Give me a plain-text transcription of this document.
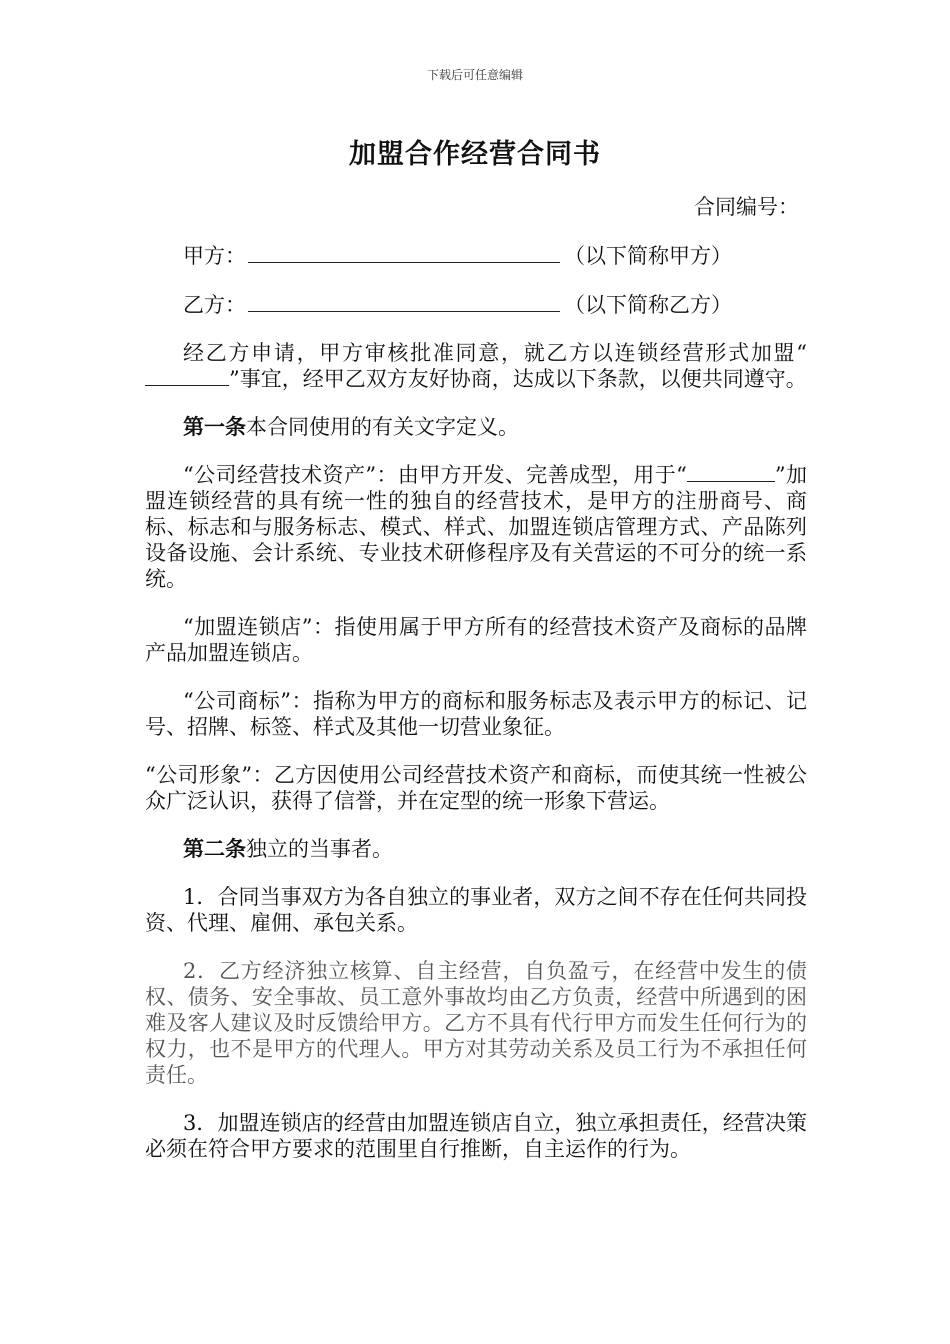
下载后可任意编辑
加盟合作经营合同书
合同编号：
甲方：	（以下简称甲方）
乙方：	（以下简称乙方）

经乙方申请，甲方审核批准同意，就乙方以连锁经营形式加盟“”事宜，经甲乙双方友好协商，达成以下条款，以便共同遵守。

第一条本合同使用的有关文字定义。

“公司经营技术资产”：由甲方开发、完善成型，用于“	”加盟连锁经营的具有统一性的独自的经营技术，是甲方的注册商号、商标、标志和与服务标志、模式、样式、加盟连锁店管理方式、产品陈列设备设施、会计系统、专业技术研修程序及有关营运的不可分的统一系统。

“加盟连锁店”：指使用属于甲方所有的经营技术资产及商标的品牌产品加盟连锁店。

“公司商标”：指称为甲方的商标和服务标志及表示甲方的标记、记号、招牌、标签、样式及其他一切营业象征。

“公司形象”：乙方因使用公司经营技术资产和商标，而使其统一性被公众广泛认识，获得了信誉，并在定型的统一形象下营运。

第二条独立的当事者。

1．合同当事双方为各自独立的事业者，双方之间不存在任何共同投资、代理、雇佣、承包关系。

2．乙方经济独立核算、自主经营，自负盈亏，在经营中发生的债权、债务、安全事故、员工意外事故均由乙方负责，经营中所遇到的困难及客人建议及时反馈给甲方。乙方不具有代行甲方而发生任何行为的权力，也不是甲方的代理人。甲方对其劳动关系及员工行为不承担任何责任。

3．加盟连锁店的经营由加盟连锁店自立，独立承担责任，经营决策必须在符合甲方要求的范围里自行推断，自主运作的行为。
